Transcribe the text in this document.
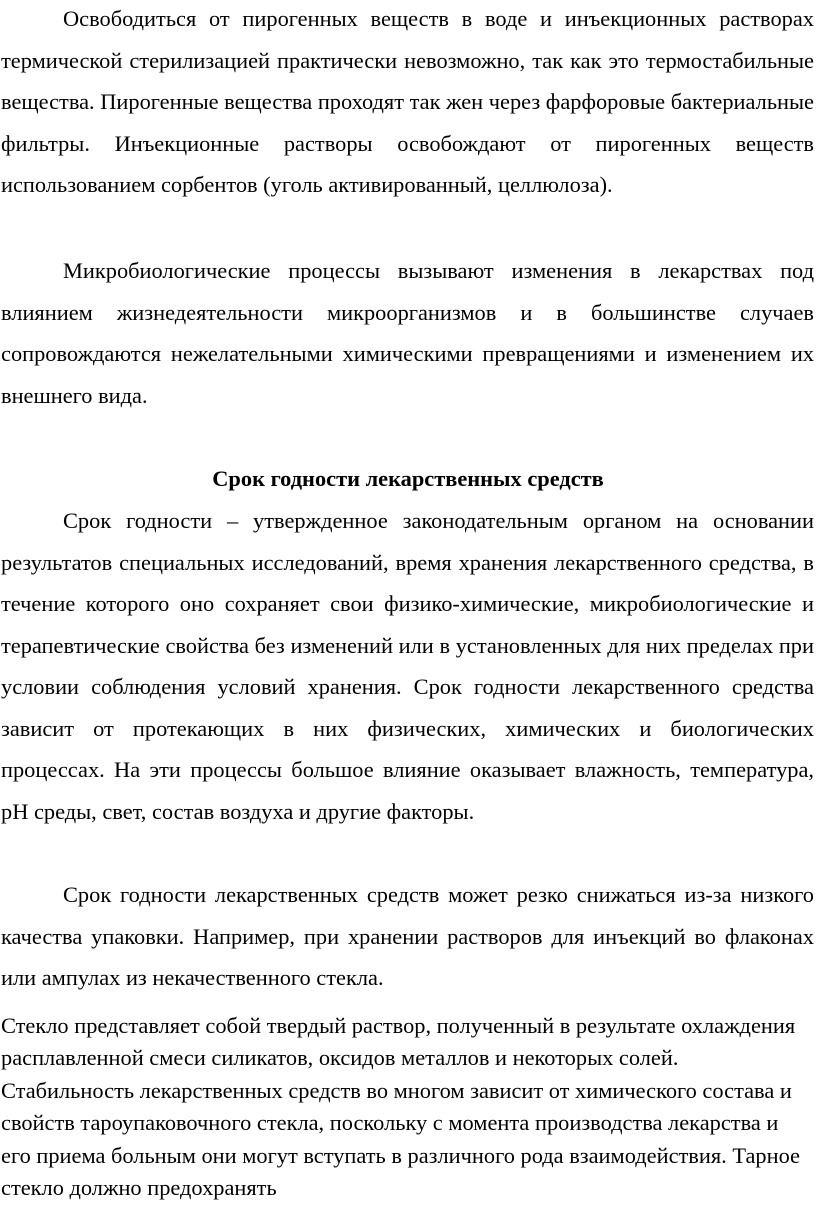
Освободиться от пирогенных веществ в воде и инъекционных растворах термической стерилизацией практически невозможно, так как это термостабильные вещества. Пирогенные вещества проходят так жен через фарфоровые бактериальные фильтры. Инъекционные растворы освобождают от пирогенных веществ использованием сорбентов (уголь активированный, целлюлоза).

Микробиологические процессы вызывают изменения в лекарствах под влиянием жизнедеятельности микроорганизмов и в большинстве случаев сопровождаются нежелательными химическими превращениями и изменением их внешнего вида.

Срок годности лекарственных средств

Срок годности – утвержденное законодательным органом на основании результатов специальных исследований, время хранения лекарственного средства, в течение которого оно сохраняет свои физико-химические, микробиологические и терапевтические свойства без изменений или в установленных для них пределах при условии соблюдения условий хранения. Срок годности лекарственного средства зависит от протекающих в них физических, химических и биологических процессах. На эти процессы большое влияние оказывает влажность, температура, pH среды, свет, состав воздуха и другие факторы.

Срок годности лекарственных средств может резко снижаться из-за низкого качества упаковки. Например, при хранении растворов для инъекций во флаконах или ампулах из некачественного стекла.

Стекло представляет собой твердый раствор, полученный в результате охлаждения расплавленной смеси силикатов, оксидов металлов и некоторых солей. Стабильность лекарственных средств во многом зависит от химического состава и свойств тароупаковочного стекла, поскольку с момента производства лекарства и его приема больным они могут вступать в различного рода взаимодействия. Тарное стекло должно предохранять
